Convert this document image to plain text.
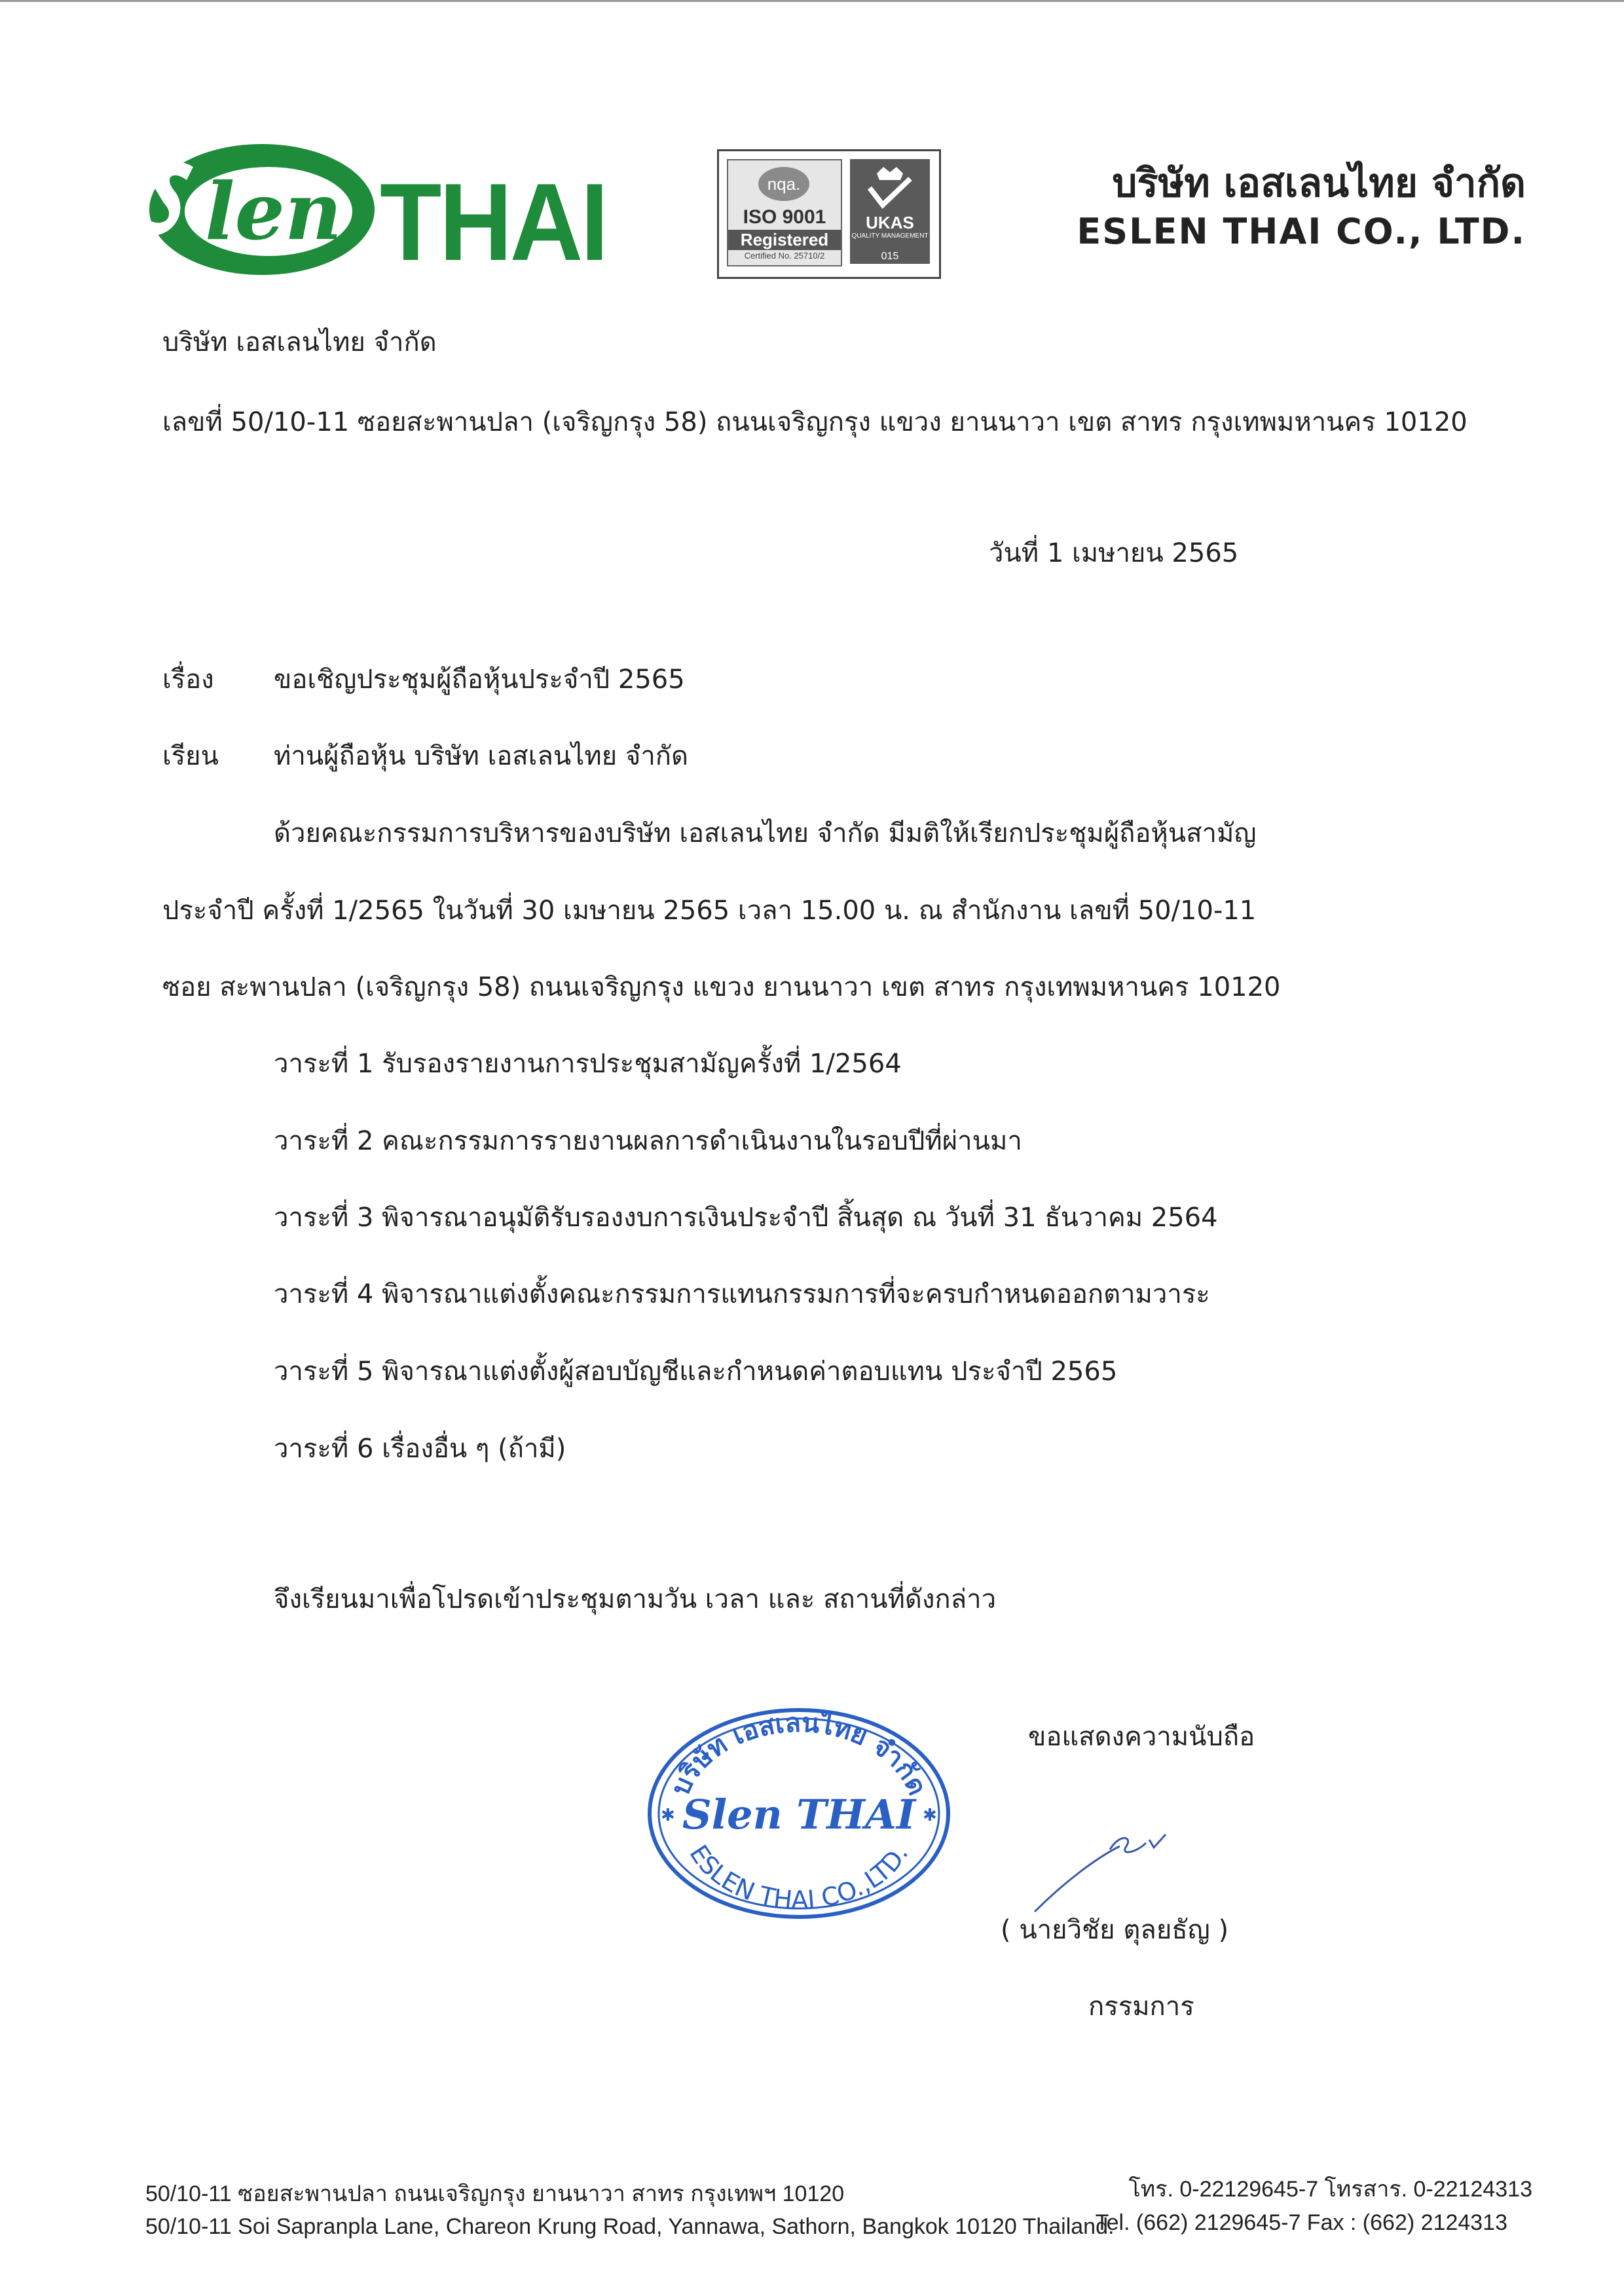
len THAI	nqa.
ISO 9001
Registered
Certified No. 25710/2
UKAS
QUALITY MANAGEMENT
015
บริษัท เอสเลนไทย จำกัด
ESLEN THAI CO., LTD.
บริษัท เอสเลนไทย จำกัด
เลขที่ 50/10-11 ซอยสะพานปลา (เจริญกรุง 58) ถนนเจริญกรุง แขวง ยานนาวา เขต สาทร กรุงเทพมหานคร 10120
วันที่ 1 เมษายน 2565
เรื่อง ขอเชิญประชุมผู้ถือหุ้นประจำปี 2565
เรียน ท่านผู้ถือหุ้น บริษัท เอสเลนไทย จำกัด
ด้วยคณะกรรมการบริหารของบริษัท เอสเลนไทย จำกัด มีมติให้เรียกประชุมผู้ถือหุ้นสามัญ
ประจำปี ครั้งที่ 1/2565 ในวันที่ 30 เมษายน 2565 เวลา 15.00 น. ณ สำนักงาน เลขที่ 50/10-11
ซอย สะพานปลา (เจริญกรุง 58) ถนนเจริญกรุง แขวง ยานนาวา เขต สาทร กรุงเทพมหานคร 10120
วาระที่ 1 รับรองรายงานการประชุมสามัญครั้งที่ 1/2564
วาระที่ 2 คณะกรรมการรายงานผลการดำเนินงานในรอบปีที่ผ่านมา
วาระที่ 3 พิจารณาอนุมัติรับรองงบการเงินประจำปี สิ้นสุด ณ วันที่ 31 ธันวาคม 2564
วาระที่ 4 พิจารณาแต่งตั้งคณะกรรมการแทนกรรมการที่จะครบกำหนดออกตามวาระ
วาระที่ 5 พิจารณาแต่งตั้งผู้สอบบัญชีและกำหนดค่าตอบแทน ประจำปี 2565
วาระที่ 6 เรื่องอื่น ๆ (ถ้ามี)
จึงเรียนมาเพื่อโปรดเข้าประชุมตามวัน เวลา และ สถานที่ดังกล่าว
ขอแสดงความนับถือ
บริษัท เอสเลนไทย จำกัด
Slen THAI
ESLEN THAI CO.,LTD.
✱	✱
( นายวิชัย ตุลยธัญ )
กรรมการ
50/10-11 ซอยสะพานปลา ถนนเจริญกรุง ยานนาวา สาทร กรุงเทพฯ 10120	โทร. 0-22129645-7 โทรสาร. 0-22124313
50/10-11 Soi Sapranpla Lane, Chareon Krung Road, Yannawa, Sathorn, Bangkok 10120 Thailand.
Tel. (662) 2129645-7 Fax : (662) 2124313
